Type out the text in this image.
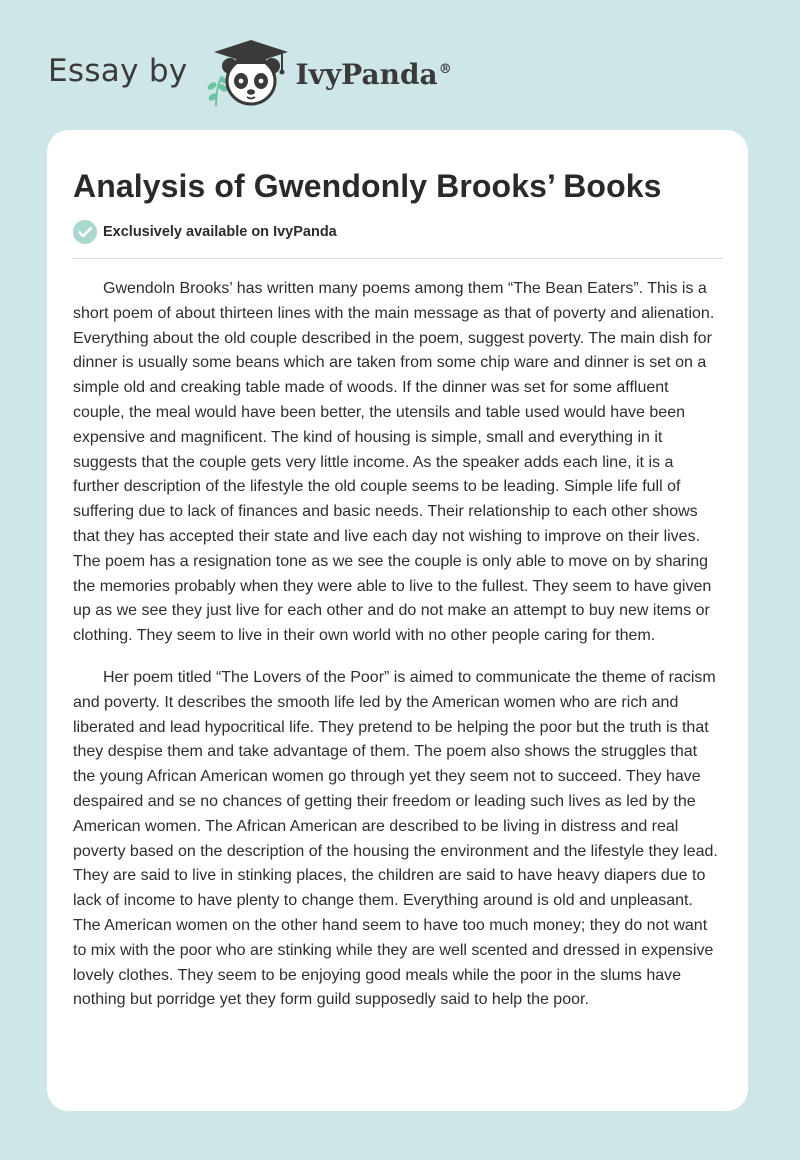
Essay by	IvyPanda®
Analysis of Gwendonly Brooks’ Books
Exclusively available on IvyPanda

Gwendoln Brooks’ has written many poems among them “The Bean Eaters”. This is a short poem of about thirteen lines with the main message as that of poverty and alienation. Everything about the old couple described in the poem, suggest poverty. The main dish for dinner is usually some beans which are taken from some chip ware and dinner is set on a simple old and creaking table made of woods. If the dinner was set for some affluent couple, the meal would have been better, the utensils and table used would have been expensive and magnificent. The kind of housing is simple, small and everything in it suggests that the couple gets very little income. As the speaker adds each line, it is a further description of the lifestyle the old couple seems to be leading. Simple life full of suffering due to lack of finances and basic needs. Their relationship to each other shows that they has accepted their state and live each day not wishing to improve on their lives. The poem has a resignation tone as we see the couple is only able to move on by sharing the memories probably when they were able to live to the fullest. They seem to have given up as we see they just live for each other and do not make an attempt to buy new items or clothing. They seem to live in their own world with no other people caring for them.

Her poem titled “The Lovers of the Poor” is aimed to communicate the theme of racism and poverty. It describes the smooth life led by the American women who are rich and liberated and lead hypocritical life. They pretend to be helping the poor but the truth is that they despise them and take advantage of them. The poem also shows the struggles that the young African American women go through yet they seem not to succeed. They have despaired and se no chances of getting their freedom or leading such lives as led by the American women. The African American are described to be living in distress and real poverty based on the description of the housing the environment and the lifestyle they lead. They are said to live in stinking places, the children are said to have heavy diapers due to lack of income to have plenty to change them. Everything around is old and unpleasant. The American women on the other hand seem to have too much money; they do not want to mix with the poor who are stinking while they are well scented and dressed in expensive lovely clothes. They seem to be enjoying good meals while the poor in the slums have nothing but porridge yet they form guild supposedly said to help the poor.
